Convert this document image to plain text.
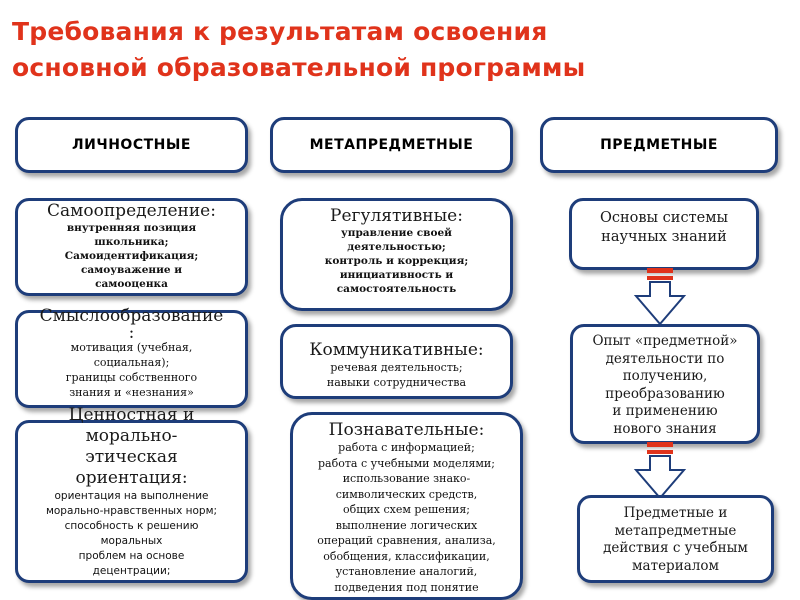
Требования к результатам освоения
основной образовательной программы
ЛИЧНОСТНЫЕ	МЕТАПРЕДМЕТНЫЕ	ПРЕДМЕТНЫЕ
Самоопределение:
внутренняя позиция
школьника;
Самоидентификация;
самоуважение и
самооценка
Смыслообразование
:
мотивация (учебная,
социальная);
границы собственного
знания и «незнания»
Ценностная и
морально-
этическая
ориентация:
ориентация на выполнение
морально-нравственных норм;
способность к решению
моральных
проблем на основе
децентрации;
Регулятивные:
управление своей
деятельностью;
контроль и коррекция;
инициативность и
самостоятельность
Коммуникативные:
речевая деятельность;
навыки сотрудничества
Познавательные:
работа с информацией;
работа с учебными моделями;
использование знако-
символических средств,
общих схем решения;
выполнение логических
операций сравнения, анализа,
обобщения, классификации,
установление аналогий,
подведения под понятие
Основы системы
научных знаний
Опыт «предметной»
деятельности по
получению,
преобразованию
и применению
нового знания
Предметные и
метапредметные
действия с учебным
материалом
